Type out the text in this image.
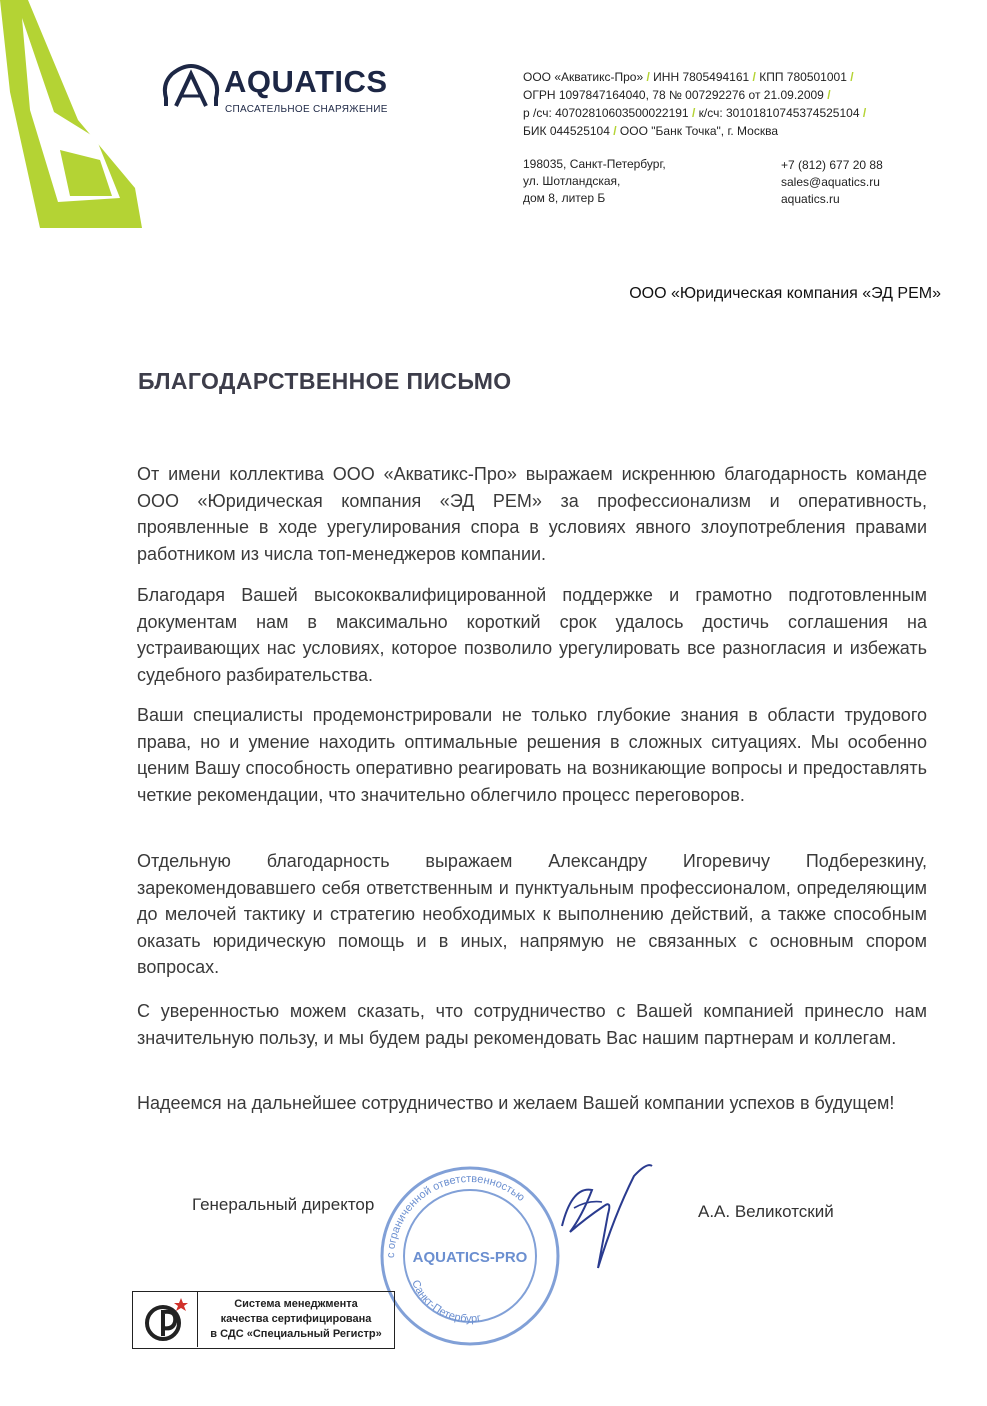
AQUATICS
СПАСАТЕЛЬНОЕ СНАРЯЖЕНИЕ
ООО «Акватикс-Про» / ИНН 7805494161 / КПП 780501001 /
ОГРН 1097847164040, 78 № 007292276 от 21.09.2009 /
р /сч: 40702810603500022191 / к/сч: 30101810745374525104 /
БИК 044525104 / ООО "Банк Точка", г. Москва
198035, Санкт-Петербург,
ул. Шотландская,
дом 8, литер Б
+7 (812) 677 20 88
sales@aquatics.ru
aquatics.ru
ООО «Юридическая компания «ЭД РЕМ»
БЛАГОДАРСТВЕННОЕ ПИСЬМО

От имени коллектива ООО «Акватикс-Про» выражаем искреннюю благодарность команде ООО «Юридическая компания «ЭД РЕМ» за профессионализм и оперативность, проявленные в ходе урегулирования спора в условиях явного злоупотребления правами работником из числа топ-менеджеров компании.

Благодаря Вашей высококвалифицированной поддержке и грамотно подготовленным документам нам в максимально короткий срок удалось достичь соглашения на устраивающих нас условиях, которое позволило урегулировать все разногласия и избежать судебного разбирательства.

Ваши специалисты продемонстрировали не только глубокие знания в области трудового права, но и умение находить оптимальные решения в сложных ситуациях. Мы особенно ценим Вашу способность оперативно реагировать на возникающие вопросы и предоставлять четкие рекомендации, что значительно облегчило процесс переговоров.

Отдельную благодарность выражаем Александру Игоревичу Подберезкину, зарекомендовавшего себя ответственным и пунктуальным профессионалом, определяющим до мелочей тактику и стратегию необходимых к выполнению действий, а также способным оказать юридическую помощь и в иных, напрямую не связанных с основным спором вопросах.

С уверенностью можем сказать, что сотрудничество с Вашей компанией принесло нам значительную пользу, и мы будем рады рекомендовать Вас нашим партнерам и коллегам.

Надеемся на дальнейшее сотрудничество и желаем Вашей компании успехов в будущем!

Генеральный директор	А.А. Великотский
с ограниченной ответственностью
AQUATICS-PRO
Санкт-Петербург
Система менеджмента
качества сертифицирована
в СДС «Специальный Регистр»
